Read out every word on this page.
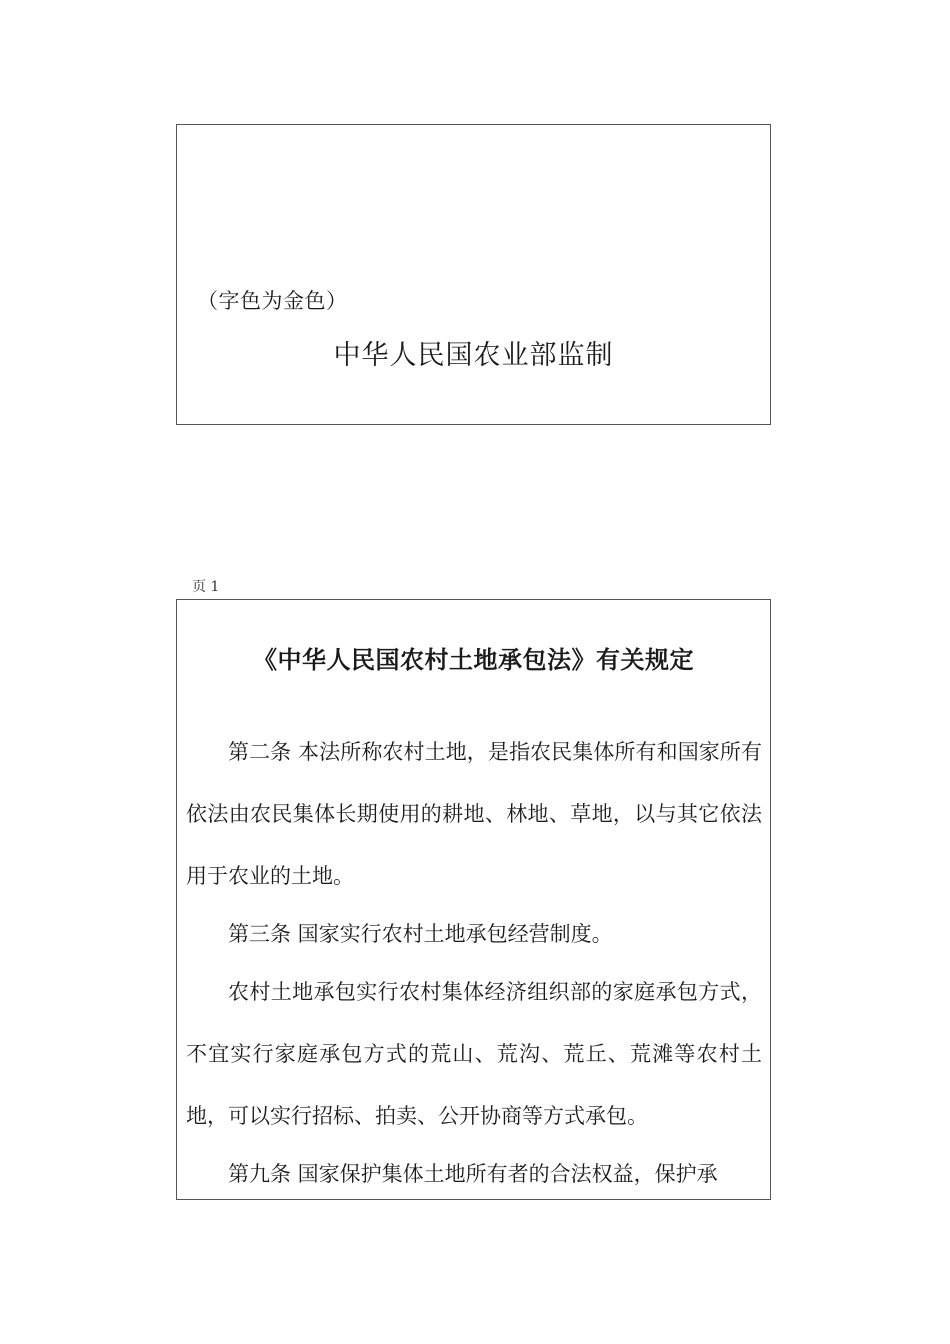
（字色为金色）
中华人民国农业部监制
页 1
《中华人民国农村土地承包法》有关规定

第二条 本法所称农村土地，是指农民集体所有和国家所有依法由农民集体长期使用的耕地、林地、草地，以与其它依法用于农业的土地。

第三条 国家实行农村土地承包经营制度。

农村土地承包实行农村集体经济组织部的家庭承包方式，不宜实行家庭承包方式的荒山、荒沟、荒丘、荒滩等农村土地，可以实行招标、拍卖、公开协商等方式承包。

第九条 国家保护集体土地所有者的合法权益，保护承
